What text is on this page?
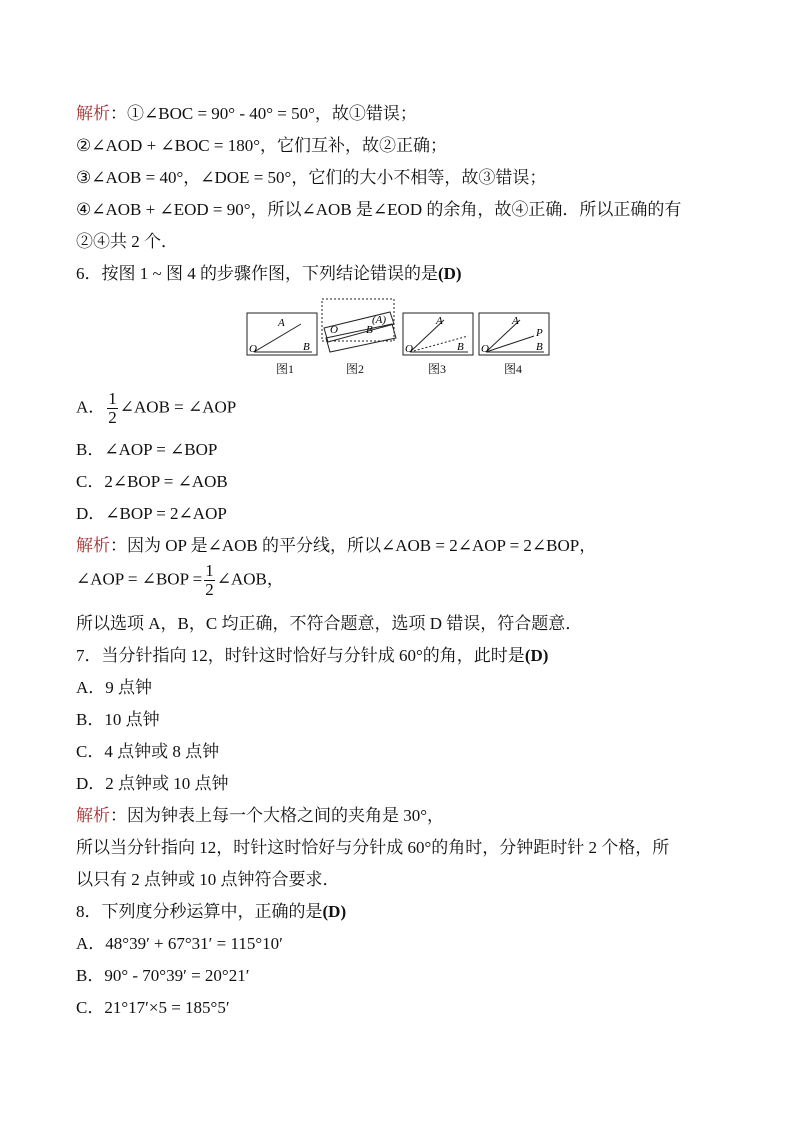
解析：①∠BOC = 90° - 40° = 50°，故①错误；
②∠AOD + ∠BOC = 180°，它们互补，故②正确；
③∠AOB = 40°，∠DOE = 50°，它们的大小不相等，故③错误；
④∠AOB + ∠EOD = 90°，所以∠AOB 是∠EOD 的余角，故④正确．所以正确的有
②④共 2 个．
6．按图 1 ~ 图 4 的步骤作图，下列结论错误的是(D)
O
A
B
图1
O	B
(A)
图2
O
A
B
图3
O
A
P
B
图4
A． $\frac{1}{2}$ ∠AOB = ∠AOP
B．∠AOP = ∠BOP
C．2∠BOP = ∠AOB
D．∠BOP = 2∠AOP
解析：因为 OP 是∠AOB 的平分线，所以∠AOB = 2∠AOP = 2∠BOP，
∠AOP = ∠BOP = $\frac{1}{2}$ ∠AOB，
所以选项 A，B，C 均正确，不符合题意，选项 D 错误，符合题意．
7．当分针指向 12，时针这时恰好与分针成 60°的角，此时是(D)
A．9 点钟
B．10 点钟
C．4 点钟或 8 点钟
D．2 点钟或 10 点钟
解析：因为钟表上每一个大格之间的夹角是 30°，
所以当分针指向 12，时针这时恰好与分针成 60°的角时，分钟距时针 2 个格，所
以只有 2 点钟或 10 点钟符合要求．
8．下列度分秒运算中，正确的是(D)
A．48°39′ + 67°31′ = 115°10′
B．90° - 70°39′ = 20°21′
C．21°17′×5 = 185°5′
